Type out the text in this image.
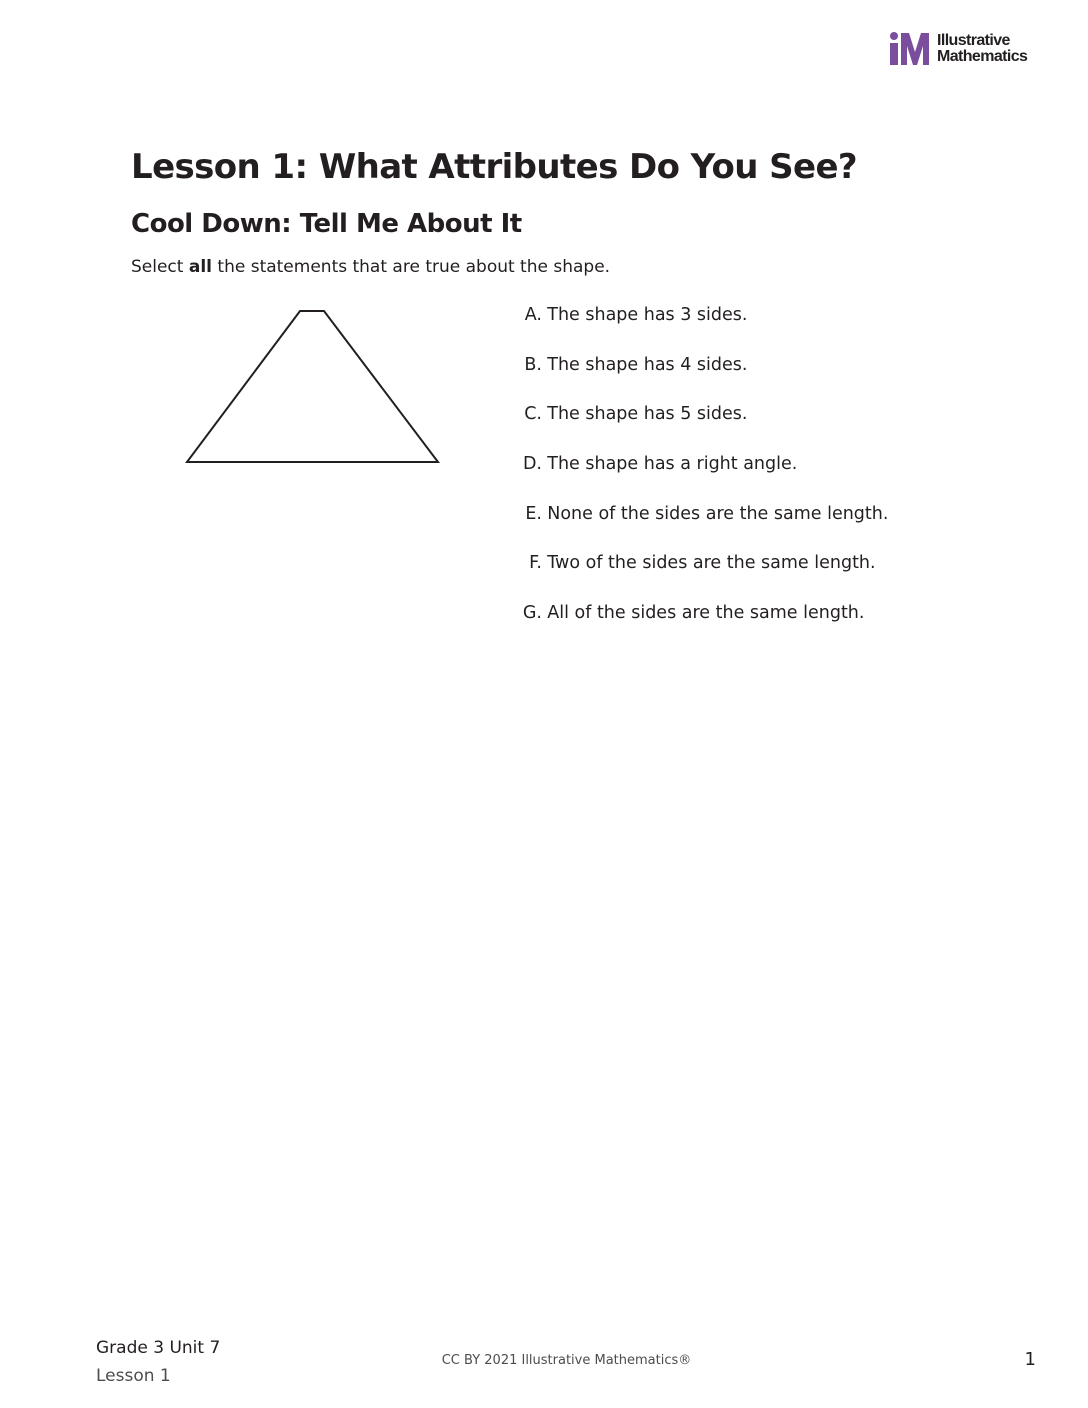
Illustrative
Mathematics
Lesson 1: What Attributes Do You See?
Cool Down: Tell Me About It
Select all the statements that are true about the shape.
A. The shape has 3 sides.
B. The shape has 4 sides.
C. The shape has 5 sides.
D. The shape has a right angle.
E. None of the sides are the same length.
F. Two of the sides are the same length.
G. All of the sides are the same length.
Grade 3 Unit 7
Lesson 1
CC BY 2021 Illustrative Mathematics®	1
